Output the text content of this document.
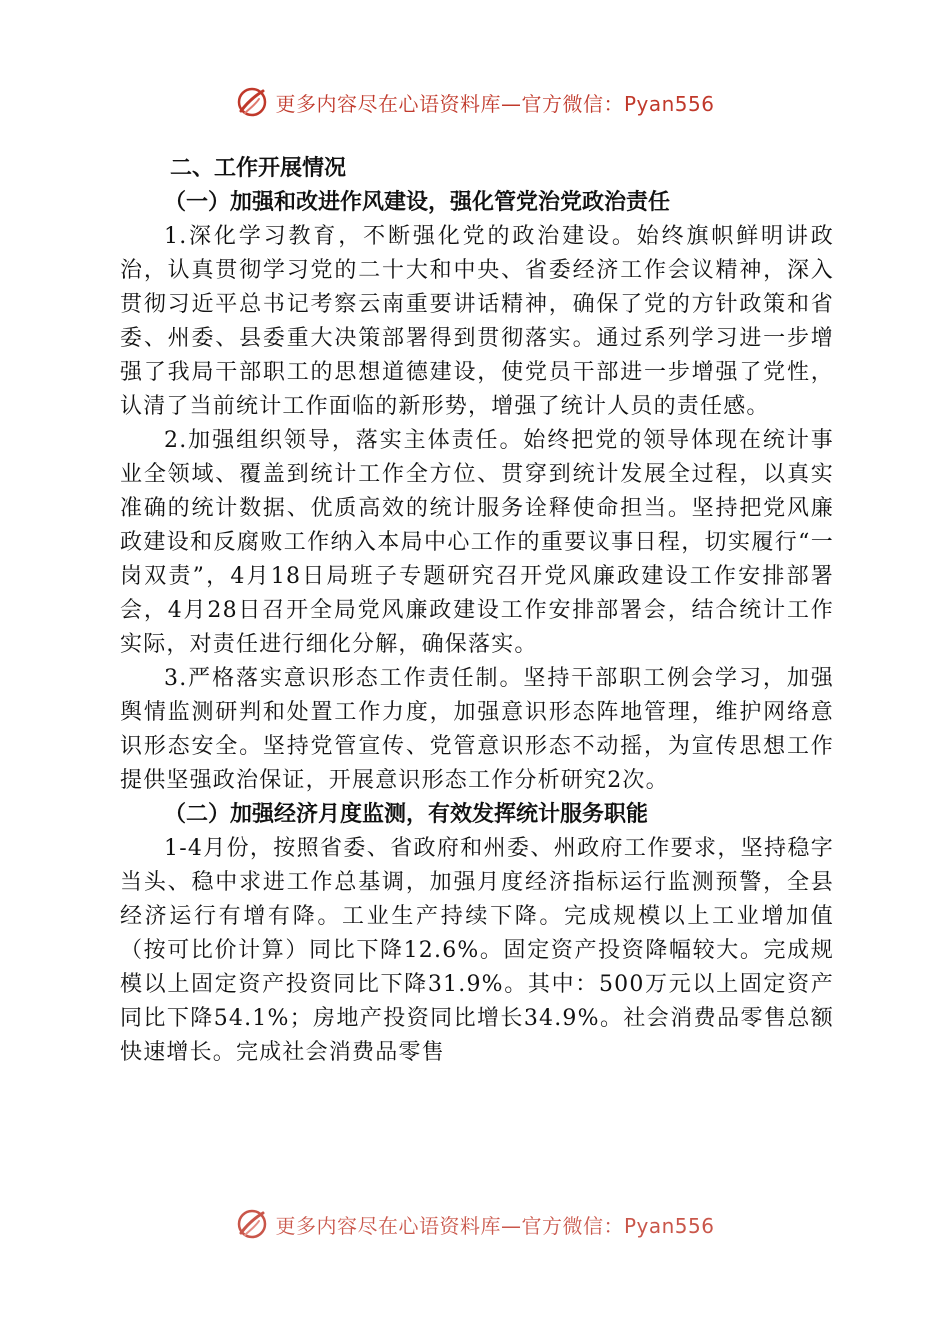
更多内容尽在心语资料库—官方微信：Pyan556
二、工作开展情况
（一）加强和改进作风建设，强化管党治党政治责任

1.深化学习教育，不断强化党的政治建设。始终旗帜鲜明讲政治，认真贯彻学习党的二十大和中央、省委经济工作会议精神，深入贯彻习近平总书记考察云南重要讲话精神，确保了党的方针政策和省委、州委、县委重大决策部署得到贯彻落实。通过系列学习进一步增强了我局干部职工的思想道德建设，使党员干部进一步增强了党性，认清了当前统计工作面临的新形势，增强了统计人员的责任感。

2.加强组织领导，落实主体责任。始终把党的领导体现在统计事业全领域、覆盖到统计工作全方位、贯穿到统计发展全过程，以真实准确的统计数据、优质高效的统计服务诠释使命担当。坚持把党风廉政建设和反腐败工作纳入本局中心工作的重要议事日程，切实履行“一岗双责”，4月18日局班子专题研究召开党风廉政建设工作安排部署会，4月28日召开全局党风廉政建设工作安排部署会，结合统计工作实际，对责任进行细化分解，确保落实。

3.严格落实意识形态工作责任制。坚持干部职工例会学习，加强舆情监测研判和处置工作力度，加强意识形态阵地管理，维护网络意识形态安全。坚持党管宣传、党管意识形态不动摇，为宣传思想工作提供坚强政治保证，开展意识形态工作分析研究2次。

（二）加强经济月度监测，有效发挥统计服务职能

1-4月份，按照省委、省政府和州委、州政府工作要求，坚持稳字当头、稳中求进工作总基调，加强月度经济指标运行监测预警，全县经济运行有增有降。工业生产持续下降。完成规模以上工业增加值（按可比价计算）同比下降12.6%。固定资产投资降幅较大。完成规模以上固定资产投资同比下降31.9%。其中：500万元以上固定资产同比下降54.1%；房地产投资同比增长34.9%。社会消费品零售总额快速增长。完成社会消费品零售

更多内容尽在心语资料库—官方微信：Pyan556
